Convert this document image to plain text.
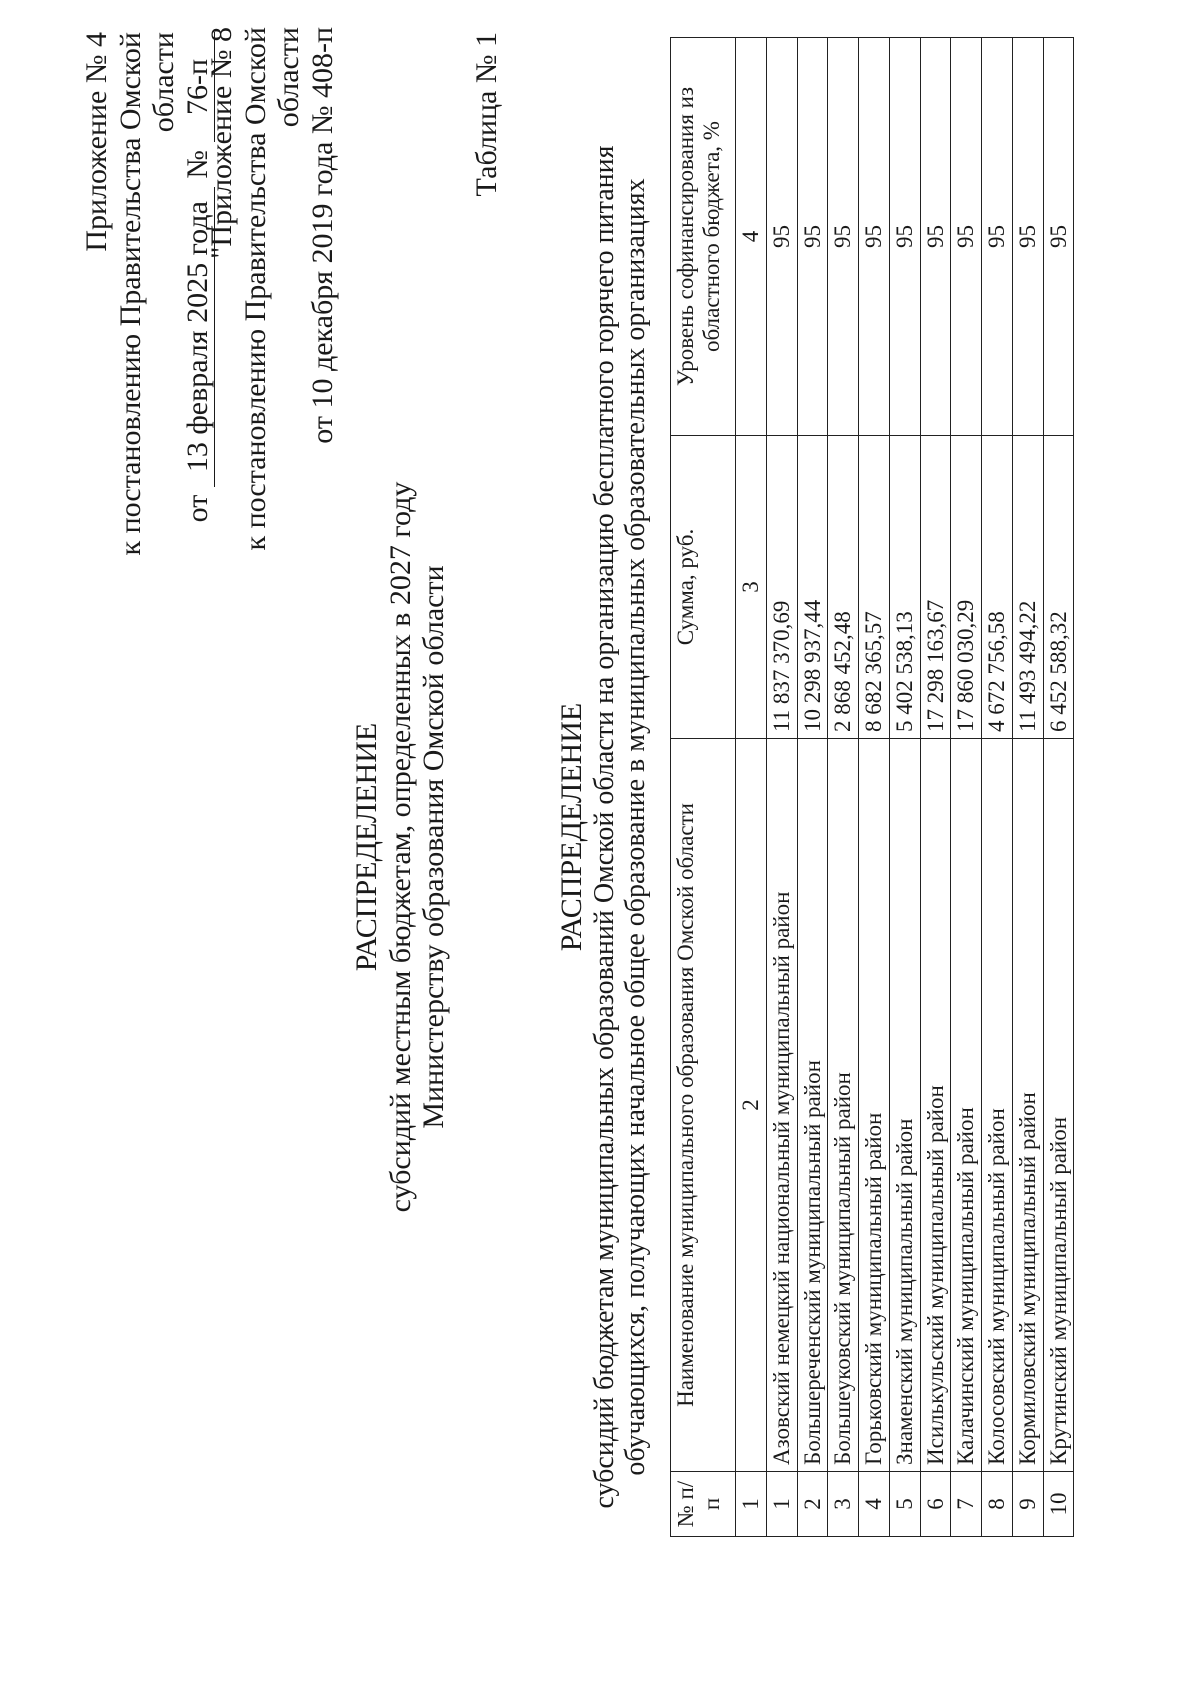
Приложение № 4 к постановлению Правительства Омской области
от
13 февраля 2025 года
№
76-п
"Приложение № 8 к постановлению Правительства Омской области от 10 декабря 2019 года № 408-п	Таблица № 1
РАСПРЕДЕЛЕНИЕ субсидий местным бюджетам, определенных в 2027 году Министерству образования Омской области	РАСПРЕДЕЛЕНИЕ субсидий бюджетам муниципальных образований Омской области на организацию бесплатного горячего питания обучающихся, получающих начальное общее образование в муниципальных образовательных организациях
№ п/п	Наименование муниципального образования Омской области	Сумма, руб.	Уровень софинансирования из областного бюджета, %
1	2	3	4
1	Азовский немецкий национальный муниципальный район	11 837 370,69	95
2	Большереченский муниципальный район	10 298 937,44	95
3	Большеуковский муниципальный район	2 868 452,48	95
4	Горьковский муниципальный район	8 682 365,57	95
5	Знаменский муниципальный район	5 402 538,13	95
6	Исилькульский муниципальный район	17 298 163,67	95
7	Калачинский муниципальный район	17 860 030,29	95
8	Колосовский муниципальный район	4 672 756,58	95
9	Кормиловский муниципальный район	11 493 494,22	95
10	Крутинский муниципальный район	6 452 588,32	95
